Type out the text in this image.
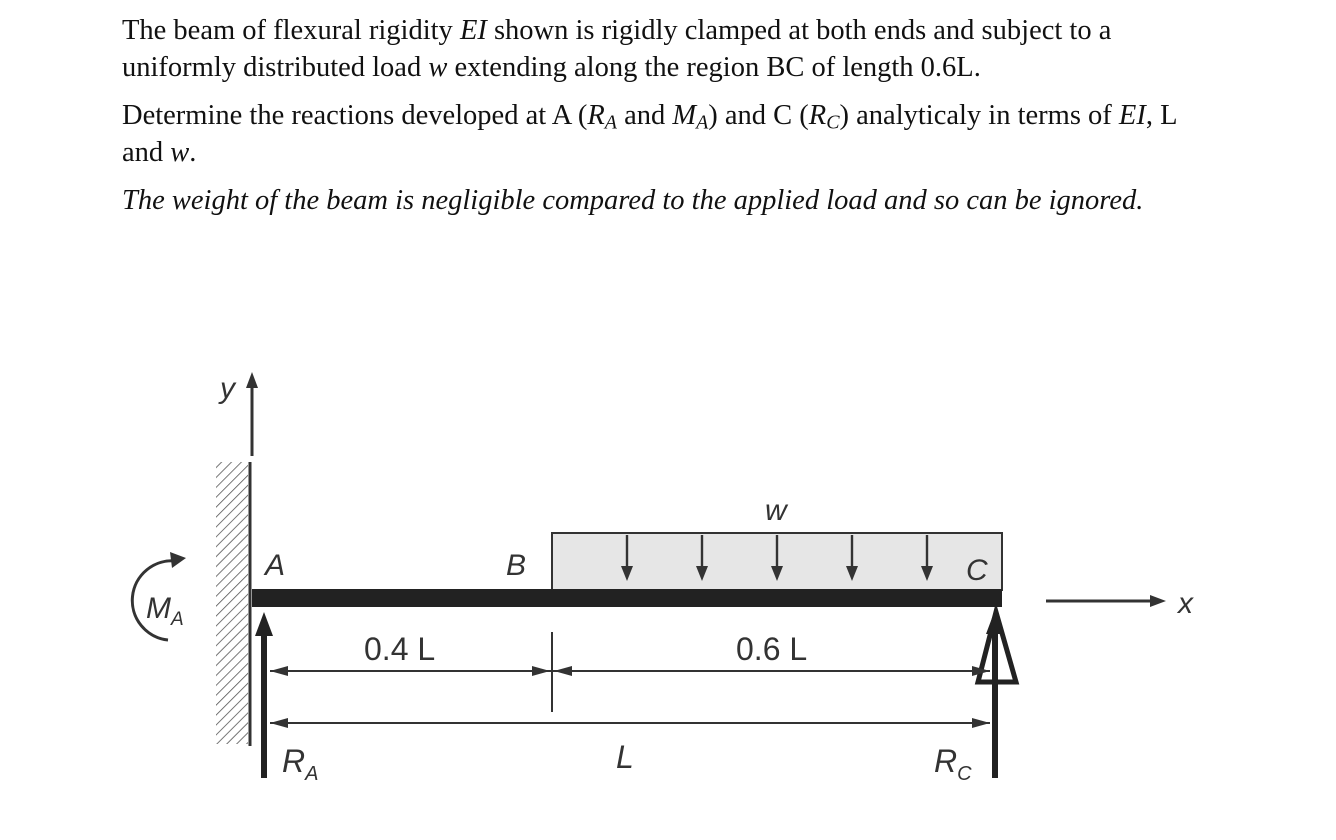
The beam of flexural rigidity EI shown is rigidly clamped at both ends and subject to a uniformly distributed load w extending along the region BC of length 0.6L.

Determine the reactions developed at A ($R_A$ and $M_A$) and C $(R_C)$ analyticaly in terms of EI, L and w.

The weight of the beam is negligible compared to the applied load and so can be ignored.

y
w
A	B	C
$M_A$
$R_A$	$R_C$
x
0.4 L	0.6 L
L
